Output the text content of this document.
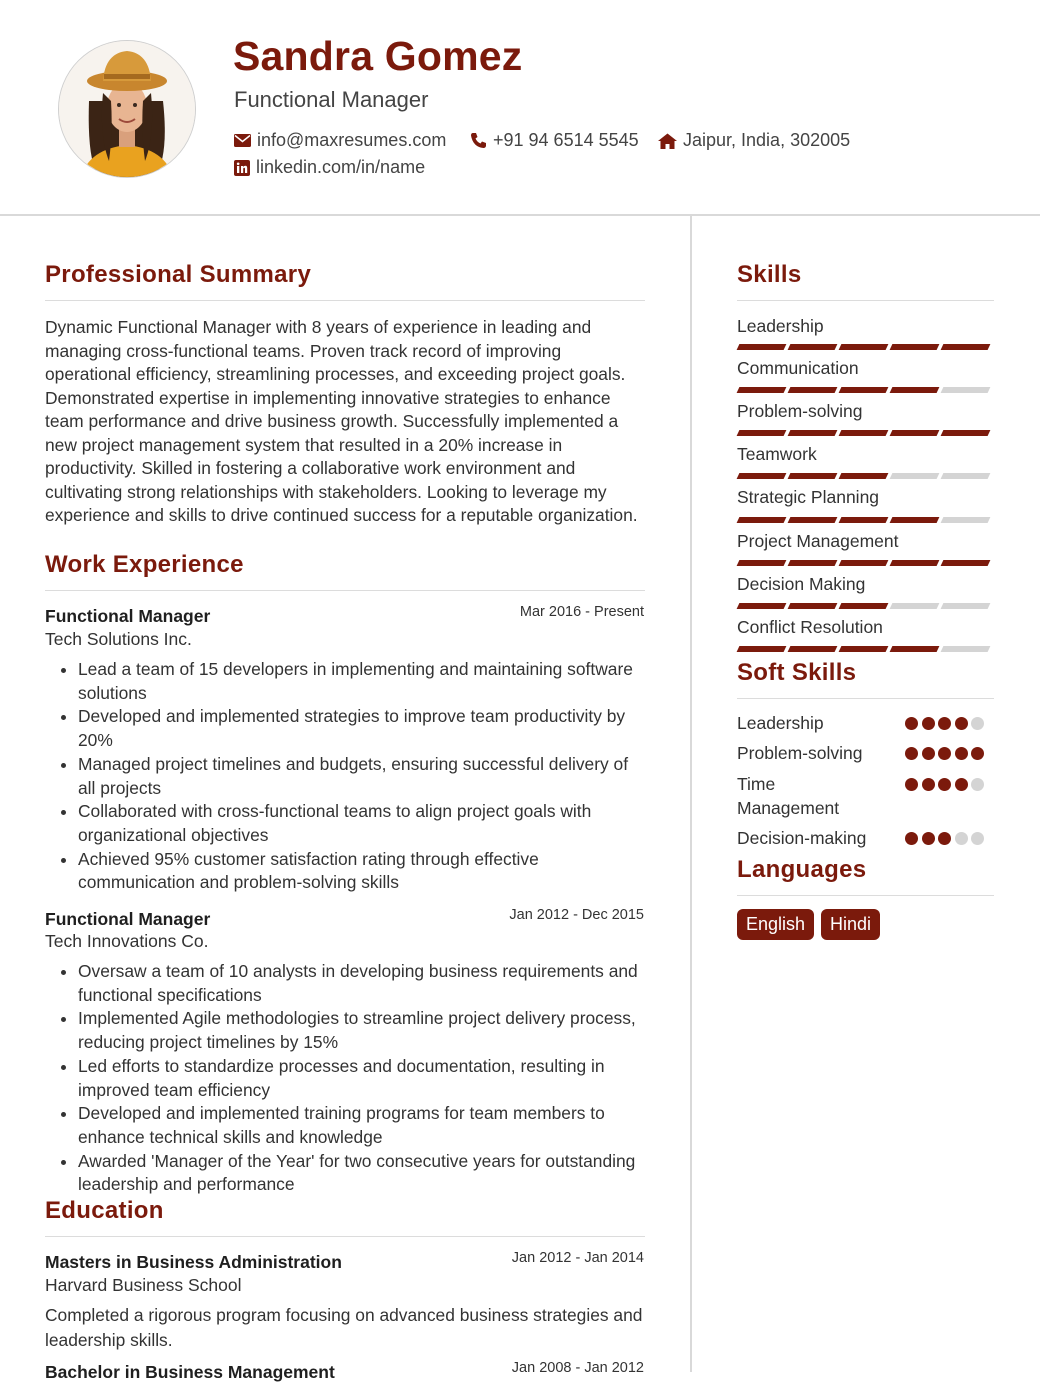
Sandra Gomez
Functional Manager
info@maxresumes.com	+91 94 6514 5545 Jaipur, India, 302005
linkedin.com/in/name
Professional Summary

Dynamic Functional Manager with 8 years of experience in leading and managing cross-functional teams. Proven track record of improving operational efficiency, streamlining processes, and exceeding project goals. Demonstrated expertise in implementing innovative strategies to enhance team performance and drive business growth. Successfully implemented a new project management system that resulted in a 20% increase in productivity. Skilled in fostering a collaborative work environment and cultivating strong relationships with stakeholders. Looking to leverage my experience and skills to drive continued success for a reputable organization.

Work Experience
Functional Manager	Mar 2016 - Present
Tech Solutions Inc.
• Lead a team of 15 developers in implementing and maintaining software solutions
• Developed and implemented strategies to improve team productivity by 20%
• Managed project timelines and budgets, ensuring successful delivery of all projects
• Collaborated with cross-functional teams to align project goals with organizational objectives
• Achieved 95% customer satisfaction rating through effective communication and problem-solving skills
Functional Manager	Jan 2012 - Dec 2015
Tech Innovations Co.
• Oversaw a team of 10 analysts in developing business requirements and functional specifications
• Implemented Agile methodologies to streamline project delivery process, reducing project timelines by 15%
• Led efforts to standardize processes and documentation, resulting in improved team efficiency
• Developed and implemented training programs for team members to enhance technical skills and knowledge
• Awarded 'Manager of the Year' for two consecutive years for outstanding leadership and performance
Education
Masters in Business Administration	Jan 2012 - Jan 2014
Harvard Business School

Completed a rigorous program focusing on advanced business strategies and leadership skills.

Bachelor in Business Management	Jan 2008 - Jan 2012
Skills
Leadership
Communication
Problem-solving
Teamwork
Strategic Planning
Project Management
Decision Making
Conflict Resolution
Soft Skills
Leadership
Problem-solving
Time Management
Decision-making
Languages
English	Hindi
